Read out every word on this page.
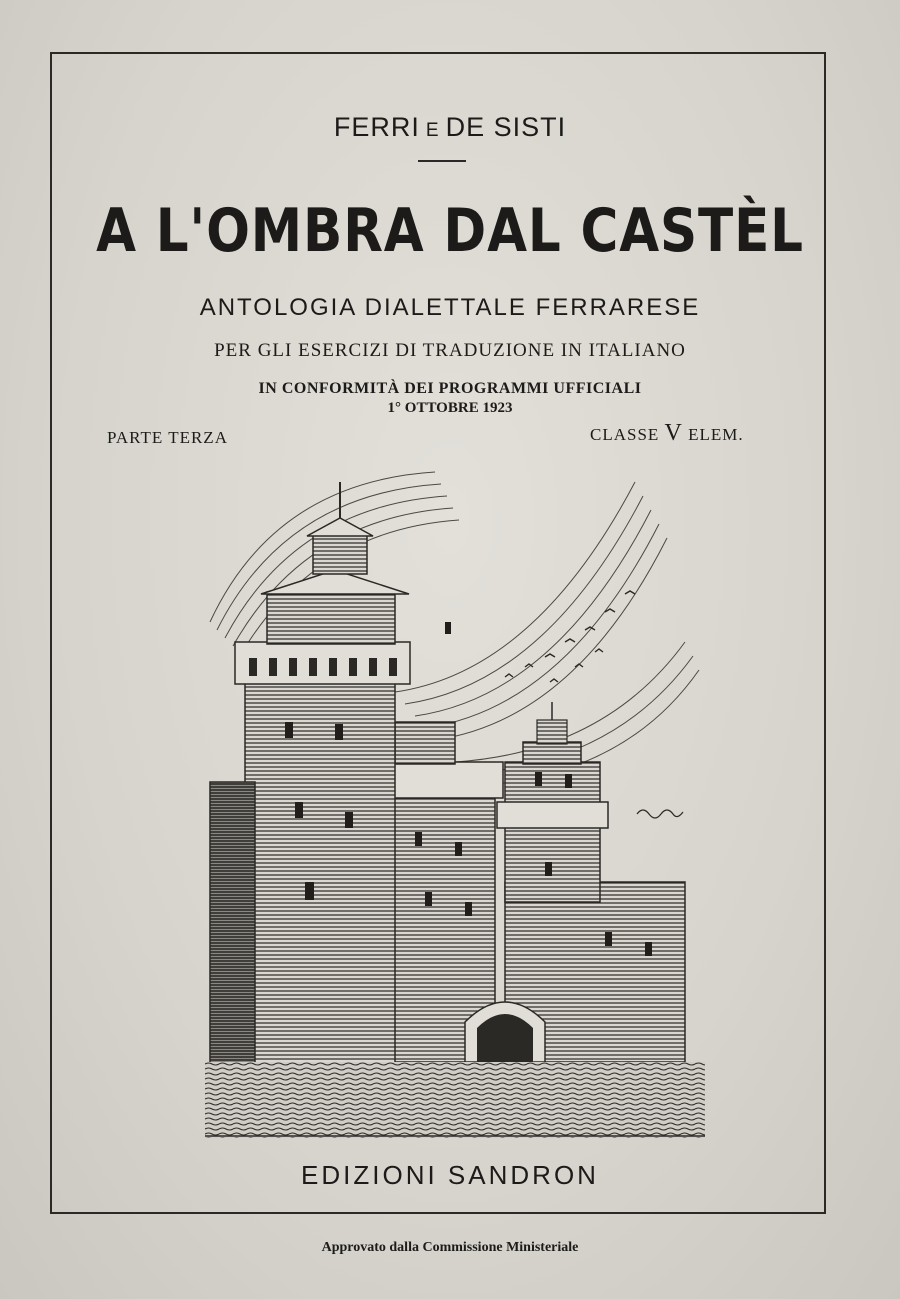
FERRI E DE SISTI
A L'OMBRA DAL CASTÈL
ANTOLOGIA DIALETTALE FERRARESE
PER GLI ESERCIZI DI TRADUZIONE IN ITALIANO
IN CONFORMITÀ DEI PROGRAMMI UFFICIALI
1° OTTOBRE 1923
PARTE TERZA	CLASSE V ELEM.
EDIZIONI SANDRON
Approvato dalla Commissione Ministeriale
